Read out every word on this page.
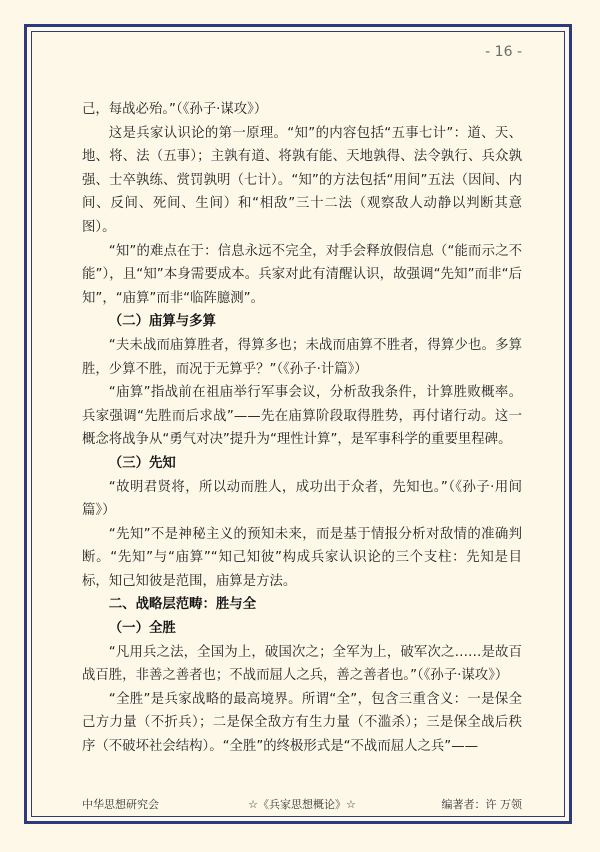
- 16 -

己，每战必殆。”（《孙子·谋攻》）

这是兵家认识论的第一原理。“知”的内容包括“五事七计”：道、天、地、将、法（五事）；主孰有道、将孰有能、天地孰得、法令孰行、兵众孰强、士卒孰练、赏罚孰明（七计）。“知”的方法包括“用间”五法（因间、内间、反间、死间、生间）和“相敌”三十二法（观察敌人动静以判断其意图）。

“知”的难点在于：信息永远不完全，对手会释放假信息（“能而示之不能”），且“知”本身需要成本。兵家对此有清醒认识，故强调“先知”而非“后知”，“庙算”而非“临阵臆测”。

（二）庙算与多算

“夫未战而庙算胜者，得算多也；未战而庙算不胜者，得算少也。多算胜，少算不胜，而况于无算乎？”（《孙子·计篇》）

“庙算”指战前在祖庙举行军事会议，分析敌我条件，计算胜败概率。兵家强调“先胜而后求战”——先在庙算阶段取得胜势，再付诸行动。这一概念将战争从“勇气对决”提升为“理性计算”，是军事科学的重要里程碑。

（三）先知

“故明君贤将，所以动而胜人，成功出于众者，先知也。”（《孙子·用间篇》）

“先知”不是神秘主义的预知未来，而是基于情报分析对敌情的准确判断。“先知”与“庙算”“知己知彼”构成兵家认识论的三个支柱：先知是目标，知己知彼是范围，庙算是方法。

二、战略层范畴：胜与全
（一）全胜

“凡用兵之法，全国为上，破国次之；全军为上，破军次之……是故百战百胜，非善之善者也；不战而屈人之兵，善之善者也。”（《孙子·谋攻》）

“全胜”是兵家战略的最高境界。所谓“全”，包含三重含义：一是保全己方力量（不折兵）；二是保全敌方有生力量（不滥杀）；三是保全战后秩序（不破坏社会结构）。“全胜”的终极形式是“不战而屈人之兵”——

中华思想研究会	☆《兵家思想概论》☆	编著者：许 万领
